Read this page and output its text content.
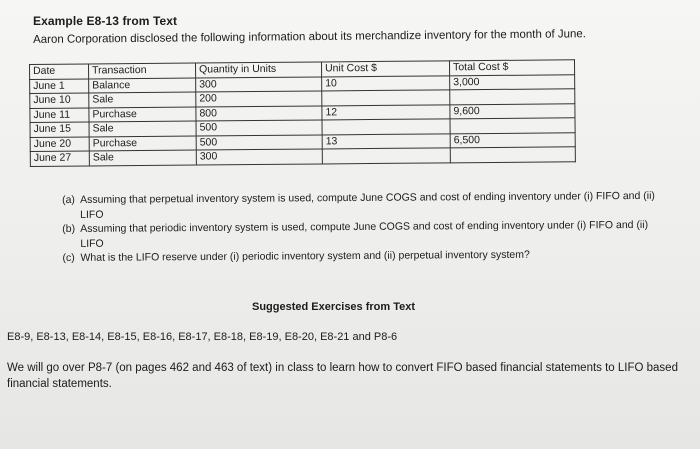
Example E8-13 from Text
Aaron Corporation disclosed the following information about its merchandize inventory for the month of June.
Date	Transaction	Quantity in Units	Unit Cost $	Total Cost $
June 1	Balance	300	10	3,000
June 10	Sale	200		
June 11	Purchase	800	12	9,600
June 15	Sale	500		
June 20	Purchase	500	13	6,500
June 27	Sale	300		
(a) Assuming that perpetual inventory system is used, compute June COGS and cost of ending inventory under (i) FIFO and (ii) LIFO
(b) Assuming that periodic inventory system is used, compute June COGS and cost of ending inventory under (i) FIFO and (ii) LIFO
(c) What is the LIFO reserve under (i) periodic inventory system and (ii) perpetual inventory system?
Suggested Exercises from Text
E8-9, E8-13, E8-14, E8-15, E8-16, E8-17, E8-18, E8-19, E8-20, E8-21 and P8-6
We will go over P8-7 (on pages 462 and 463 of text) in class to learn how to convert FIFO based financial statements to LIFO based financial statements.
